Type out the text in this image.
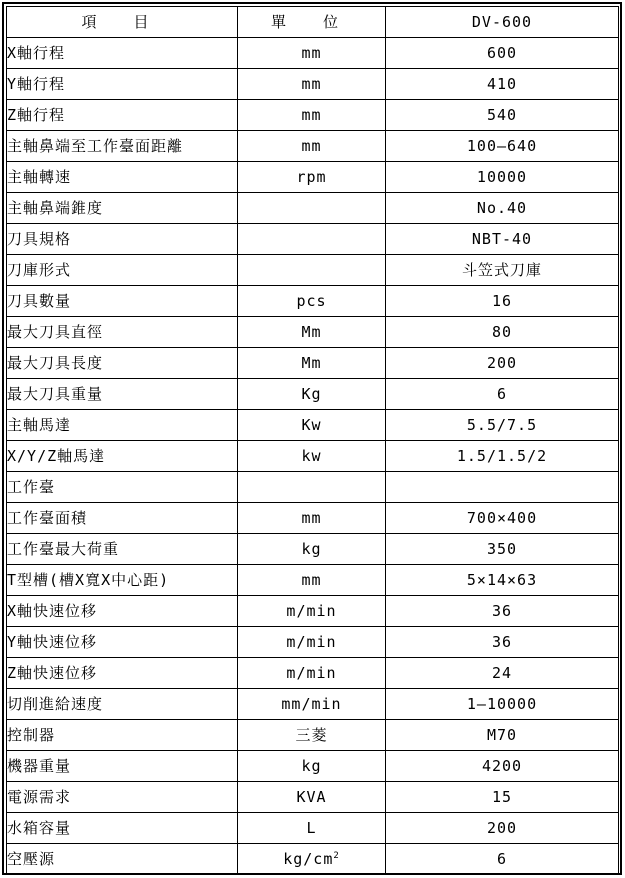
項 目	單 位	DV-600
X軸行程	mm	600
Y軸行程	mm	410
Z軸行程	mm	540
主軸鼻端至工作臺面距離	mm	100—640
主軸轉速	rpm	10000
主軸鼻端錐度		No.40
刀具規格		NBT-40
刀庫形式		斗笠式刀庫
刀具數量	pcs	16
最大刀具直徑	Mm	80
最大刀具長度	Mm	200
最大刀具重量	Kg	6
主軸馬達	Kw	5.5/7.5
X/Y/Z軸馬達	kw	1.5/1.5/2
工作臺		
工作臺面積	mm	700×400
工作臺最大荷重	kg	350
T型槽(槽X寬X中心距)	mm	5×14×63
X軸快速位移	m/min	36
Y軸快速位移	m/min	36
Z軸快速位移	m/min	24
切削進給速度	mm/min	1—10000
控制器	三菱	M70
機器重量	kg	4200
電源需求	KVA	15
水箱容量	L	200
空壓源	$kg/cm^2$	6
